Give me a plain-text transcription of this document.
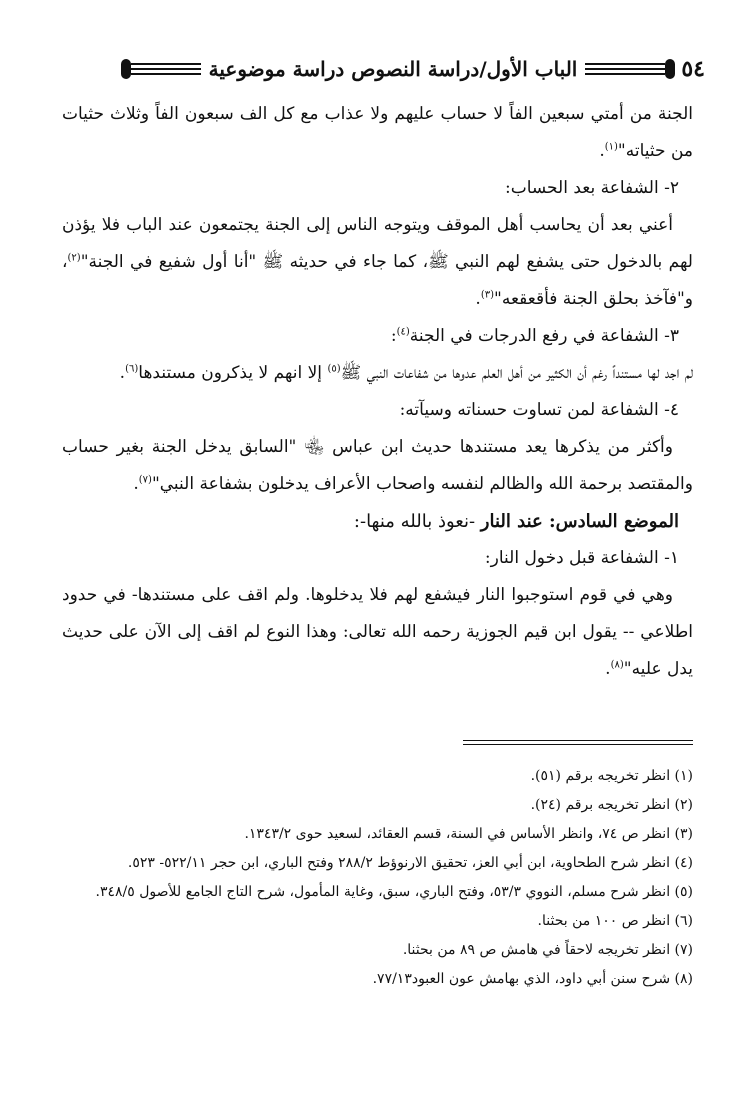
٥٤
الباب الأول/دراسة النصوص دراسة موضوعية

الجنة من أمتي سبعين الفاً لا حساب عليهم ولا عذاب مع كل الف سبعون الفاً وثلاث حثيات من حثياته"$^{(١)}$.

٢- الشفاعة بعد الحساب:

أعني بعد أن يحاسب أهل الموقف ويتوجه الناس إلى الجنة يجتمعون عند الباب فلا يؤذن لهم بالدخول حتى يشفع لهم النبي ﷺ، كما جاء في حديثه ﷺ "أنا أول شفيع في الجنة"$^{(٢)}$، و"فآخذ بحلق الجنة فأقعقعه"$^{(٣)}$.

٣- الشفاعة في رفع الدرجات في الجنة$^{(٤)}$:

لم اجد لها مستنداً رغم أن الكثير من أهل العلم عدوها من شفاعات النبي ﷺ$^{(٥)}$ إلا انهم لا يذكرون مستندها$^{(٦)}$.

٤- الشفاعة لمن تساوت حسناته وسيآته:

وأكثر من يذكرها يعد مستندها حديث ابن عباس ﵄ "السابق يدخل الجنة بغير حساب والمقتصد برحمة الله والظالم لنفسه واصحاب الأعراف يدخلون بشفاعة النبي"$^{(٧)}$.

الموضع السادس: عند النار -نعوذ بالله منها-:

١- الشفاعة قبل دخول النار:

وهي في قوم استوجبوا النار فيشفع لهم فلا يدخلوها. ولم اقف على مستندها- في حدود اطلاعي -- يقول ابن قيم الجوزية رحمه الله تعالى: وهذا النوع لم اقف إلى الآن على حديث يدل عليه"$^{(٨)}$.

(١) انظر تخريجه برقم (٥١).

(٢) انظر تخريجه برقم (٢٤).

(٣) انظر ص ٧٤، وانظر الأساس في السنة، قسم العقائد، لسعيد حوى ١٣٤٣/٢.

(٤) انظر شرح الطحاوية، ابن أبي العز، تحقيق الارنوؤط ٢٨٨/٢ وفتح الباري، ابن حجر ٥٢٢/١١- ٥٢٣.

(٥) انظر شرح مسلم، النووي ٥٣/٣، وفتح الباري، سبق، وغاية المأمول، شرح التاج الجامع للأصول ٣٤٨/٥.

(٦) انظر ص ١٠٠ من بحثنا.

(٧) انظر تخريجه لاحقاً في هامش ص ٨٩ من بحثنا.

(٨) شرح سنن أبي داود، الذي بهامش عون العبود٧٧/١٣.
